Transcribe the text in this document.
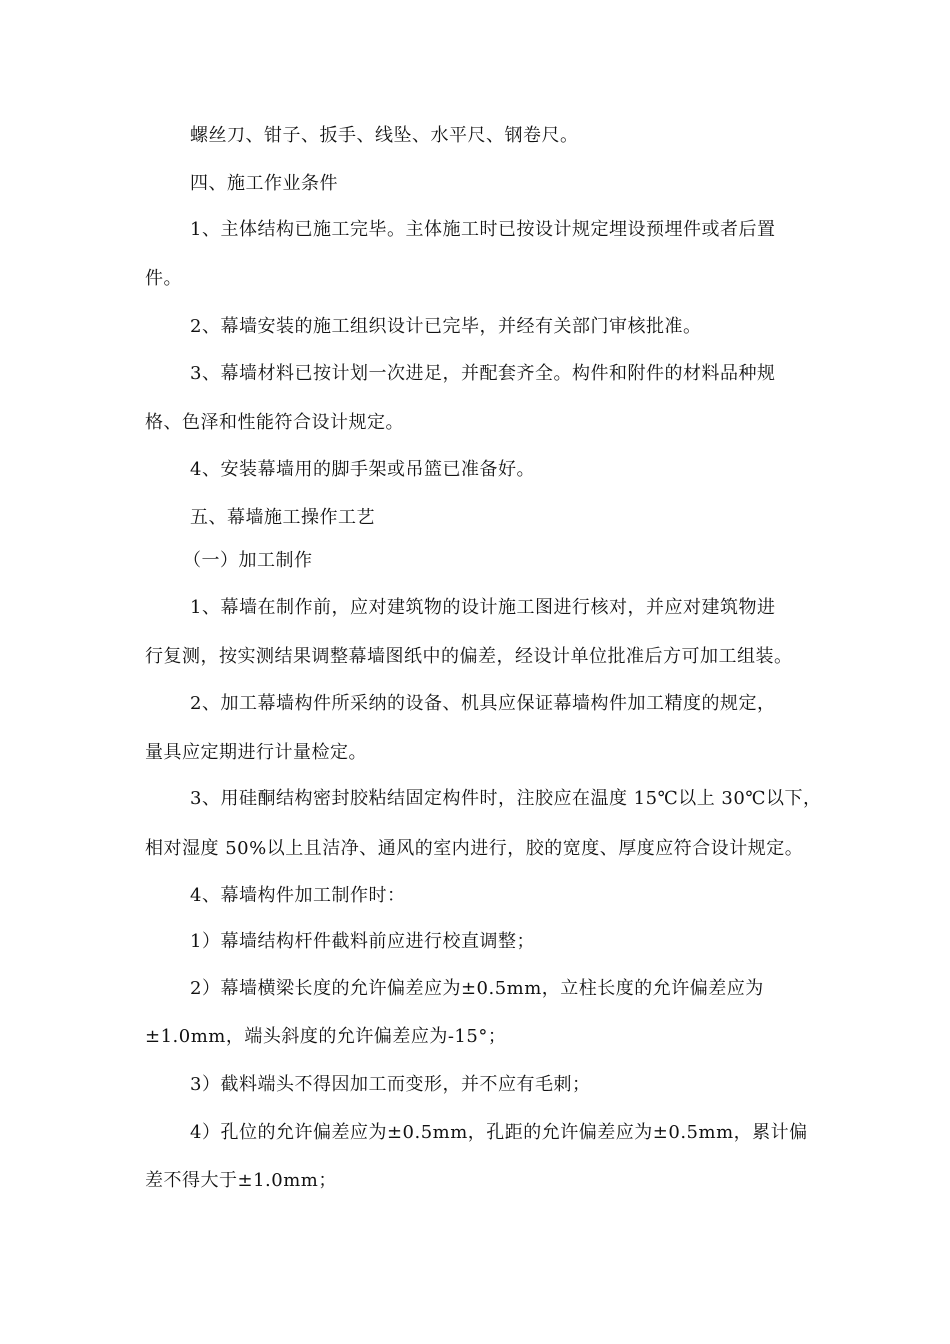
螺丝刀、钳子、扳手、线坠、水平尺、钢卷尺。
四、施工作业条件
1、主体结构已施工完毕。主体施工时已按设计规定埋设预埋件或者后置
件。
2、幕墙安装的施工组织设计已完毕，并经有关部门审核批准。
3、幕墙材料已按计划一次进足，并配套齐全。构件和附件的材料品种规
格、色泽和性能符合设计规定。
4、安装幕墙用的脚手架或吊篮已准备好。
五、幕墙施工操作工艺
（一）加工制作
1、幕墙在制作前，应对建筑物的设计施工图进行核对，并应对建筑物进
行复测，按实测结果调整幕墙图纸中的偏差，经设计单位批准后方可加工组装。
2、加工幕墙构件所采纳的设备、机具应保证幕墙构件加工精度的规定，
量具应定期进行计量检定。
3、用硅酮结构密封胶粘结固定构件时，注胶应在温度 15℃以上 30℃以下，
相对湿度 50%以上且洁净、通风的室内进行，胶的宽度、厚度应符合设计规定。
4、幕墙构件加工制作时：
1）幕墙结构杆件截料前应进行校直调整；
2）幕墙横梁长度的允许偏差应为±0.5mm，立柱长度的允许偏差应为
±1.0mm，端头斜度的允许偏差应为-15°；
3）截料端头不得因加工而变形，并不应有毛刺；
4）孔位的允许偏差应为±0.5mm，孔距的允许偏差应为±0.5mm，累计偏
差不得大于±1.0mm；
